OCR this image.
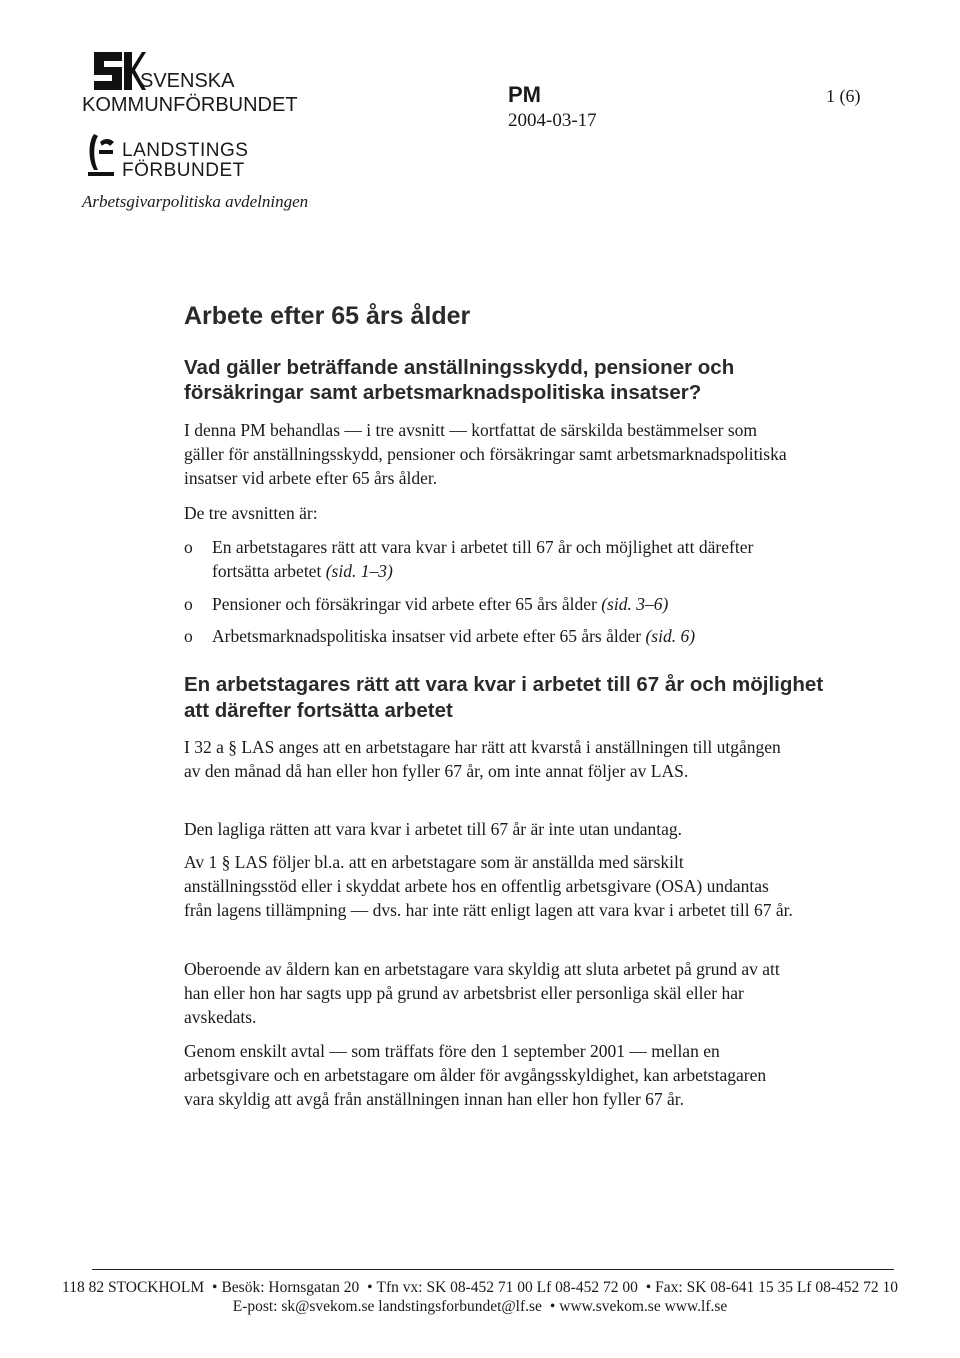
SVENSKA
KOMMUNFÖRBUNDET
LANDSTINGS
FÖRBUNDET
Arbetsgivarpolitiska avdelningen
PM
2004-03-17
1 (6)
Arbete efter 65 års ålder
Vad gäller beträffande anställningsskydd, pensioner och försäkringar samt arbetsmarknadspolitiska insatser?
I denna PM behandlas — i tre avsnitt — kortfattat de särskilda bestämmelser som gäller för anställningsskydd, pensioner och försäkringar samt arbetsmarknadspolitiska insatser vid arbete efter 65 års ålder.
De tre avsnitten är:
o En arbetstagares rätt att vara kvar i arbetet till 67 år och möjlighet att därefter fortsätta arbetet (sid. 1–3)
o Pensioner och försäkringar vid arbete efter 65 års ålder (sid. 3–6)
o Arbetsmarknadspolitiska insatser vid arbete efter 65 års ålder (sid. 6)
En arbetstagares rätt att vara kvar i arbetet till 67 år och möjlighet att därefter fortsätta arbetet
I 32 a § LAS anges att en arbetstagare har rätt att kvarstå i anställningen till utgången av den månad då han eller hon fyller 67 år, om inte annat följer av LAS.
Den lagliga rätten att vara kvar i arbetet till 67 år är inte utan undantag.
Av 1 § LAS följer bl.a. att en arbetstagare som är anställda med särskilt anställningsstöd eller i skyddat arbete hos en offentlig arbetsgivare (OSA) undantas från lagens tillämpning — dvs. har inte rätt enligt lagen att vara kvar i arbetet till 67 år.
Oberoende av åldern kan en arbetstagare vara skyldig att sluta arbetet på grund av att han eller hon har sagts upp på grund av arbetsbrist eller personliga skäl eller har avskedats.
Genom enskilt avtal — som träffats före den 1 september 2001 — mellan en arbetsgivare och en arbetstagare om ålder för avgångsskyldighet, kan arbetstagaren vara skyldig att avgå från anställningen innan han eller hon fyller 67 år.
118 82 STOCKHOLM • Besök: Hornsgatan 20 • Tfn vx: SK 08-452 71 00 Lf 08-452 72 00 • Fax: SK 08-641 15 35 Lf 08-452 72 10
E-post: sk@svekom.se landstingsforbundet@lf.se • www.svekom.se www.lf.se
